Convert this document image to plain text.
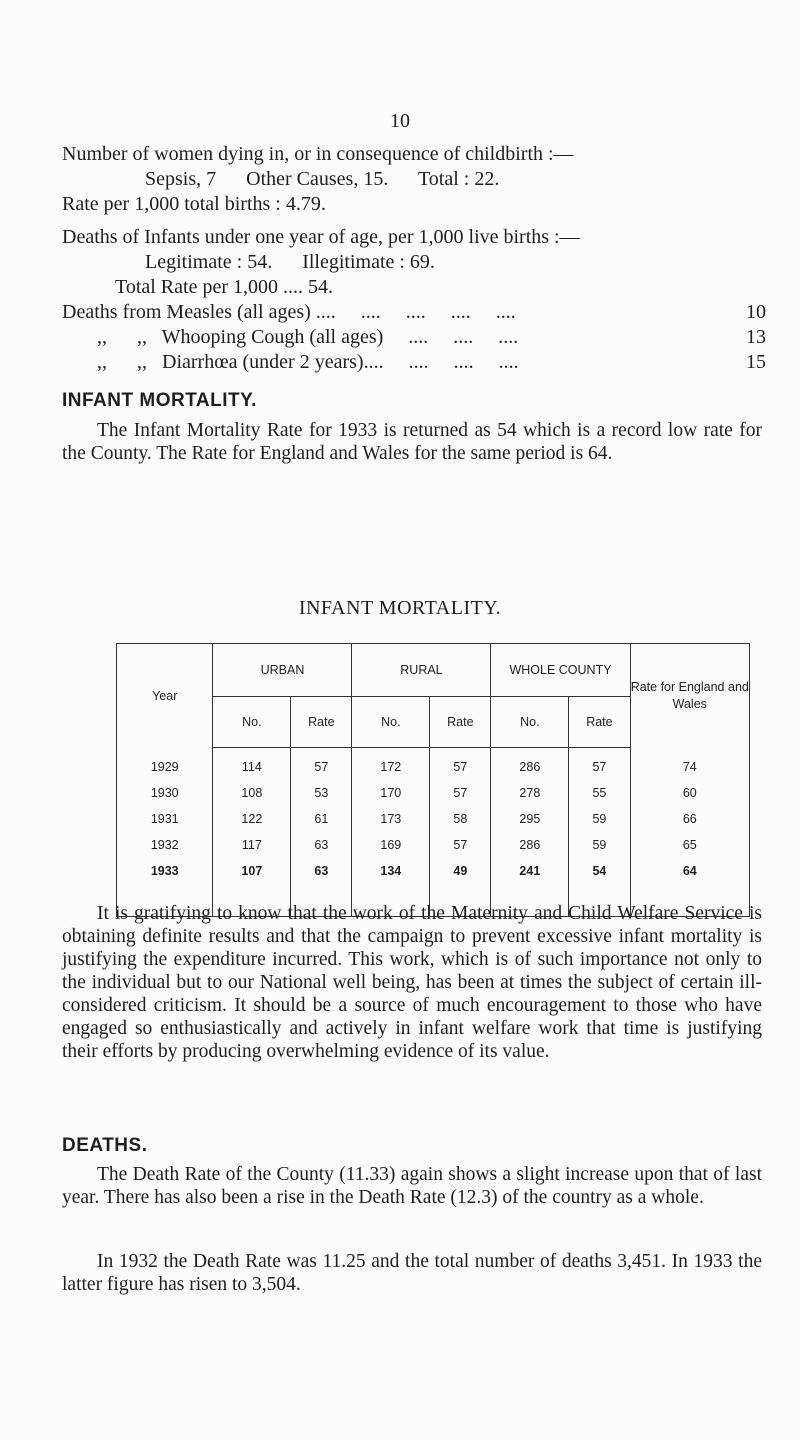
10
Number of women dying in, or in consequence of childbirth :—
Sepsis, 7      Other Causes, 15.      Total : 22.
Rate per 1,000 total births : 4.79.
Deaths of Infants under one year of age, per 1,000 live births :—
Legitimate : 54.      Illegitimate : 69.
Total Rate per 1,000 .... 54.
Deaths from Measles (all ages) ....     ....     ....     ....     ....	10
,,      ,,   Whooping Cough (all ages)     ....     ....     ....	13
,,      ,,   Diarrhœa (under 2 years)....     ....     ....     ....	15
INFANT MORTALITY.
The Infant Mortality Rate for 1933 is returned as 54 which is a record low rate for the County. The Rate for England and Wales for the same period is 64.
INFANT MORTALITY.
Year	URBAN		RURAL		WHOLE COUNTY		Rate for England and Wales
	No.	Rate	No.	Rate	No.	Rate	
1929	114	57	172	57	286	57	74
1930	108	53	170	57	278	55	60
1931	122	61	173	58	295	59	66
1932	117	63	169	57	286	59	65
1933	107	63	134	49	241	54	64
It is gratifying to know that the work of the Maternity and Child Welfare Service is obtaining definite results and that the campaign to prevent excessive infant mortality is justifying the expenditure incurred. This work, which is of such importance not only to the individual but to our National well being, has been at times the subject of certain ill-considered criticism. It should be a source of much encouragement to those who have engaged so enthusiastically and actively in infant welfare work that time is justifying their efforts by producing overwhelming evidence of its value.
DEATHS.
The Death Rate of the County (11.33) again shows a slight increase upon that of last year. There has also been a rise in the Death Rate (12.3) of the country as a whole.
In 1932 the Death Rate was 11.25 and the total number of deaths 3,451. In 1933 the latter figure has risen to 3,504.
